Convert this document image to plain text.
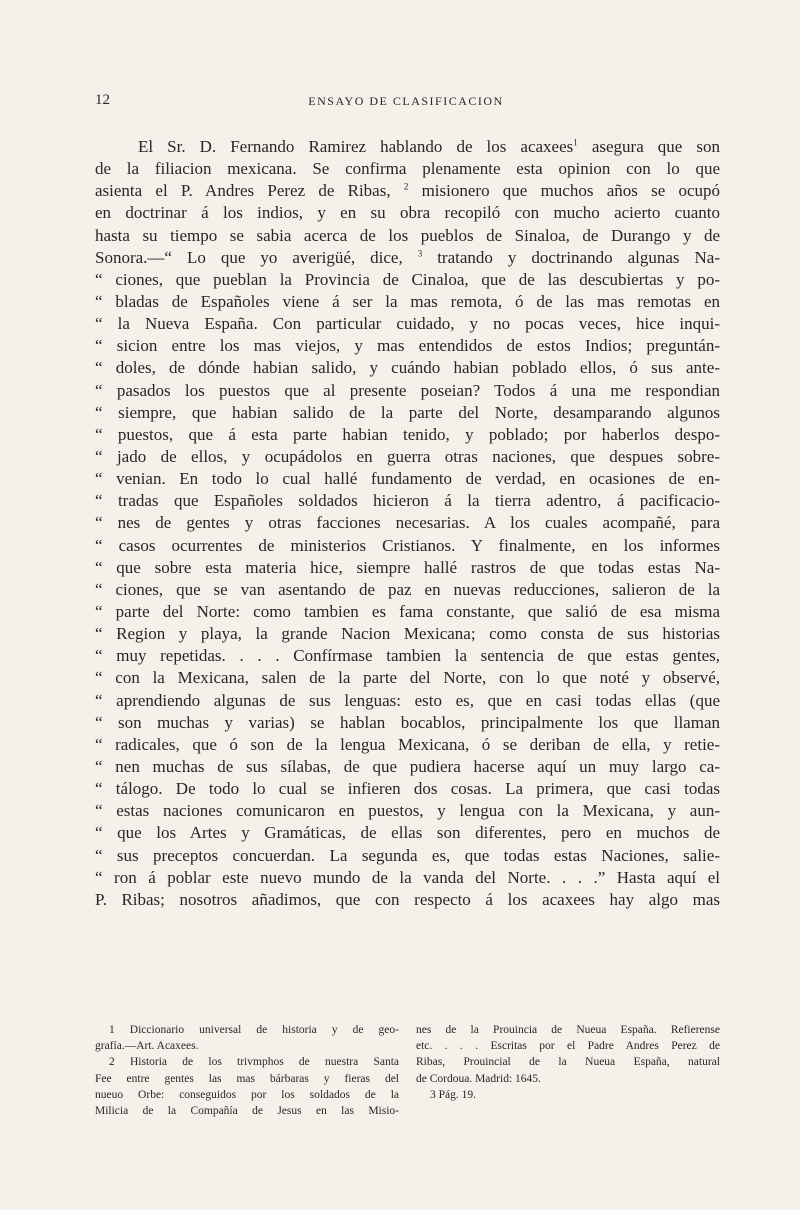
12	ENSAYO DE CLASIFICACION
El Sr. D. Fernando Ramirez hablando de los acaxees$^1$ asegura que son
de la filiacion mexicana. Se confirma plenamente esta opinion con lo que
asienta el P. Andres Perez de Ribas, $^2$ misionero que muchos años se ocupó
en doctrinar á los indios, y en su obra recopiló con mucho acierto cuanto
hasta su tiempo se sabia acerca de los pueblos de Sinaloa, de Durango y de
Sonora.—“ Lo que yo averigüé, dice, $^3$ tratando y doctrinando algunas Na-
“ ciones, que pueblan la Provincia de Cinaloa, que de las descubiertas y po-
“ bladas de Españoles viene á ser la mas remota, ó de las mas remotas en
“ la Nueva España. Con particular cuidado, y no pocas veces, hice inqui-
“ sicion entre los mas viejos, y mas entendidos de estos Indios; preguntán-
“ doles, de dónde habian salido, y cuándo habian poblado ellos, ó sus ante-
“ pasados los puestos que al presente poseian? Todos á una me respondian
“ siempre, que habian salido de la parte del Norte, desamparando algunos
“ puestos, que á esta parte habian tenido, y poblado; por haberlos despo-
“ jado de ellos, y ocupádolos en guerra otras naciones, que despues sobre-
“ venian. En todo lo cual hallé fundamento de verdad, en ocasiones de en-
“ tradas que Españoles soldados hicieron á la tierra adentro, á pacificacio-
“ nes de gentes y otras facciones necesarias. A los cuales acompañé, para
“ casos ocurrentes de ministerios Cristianos. Y finalmente, en los informes
“ que sobre esta materia hice, siempre hallé rastros de que todas estas Na-
“ ciones, que se van asentando de paz en nuevas reducciones, salieron de la
“ parte del Norte: como tambien es fama constante, que salió de esa misma
“ Region y playa, la grande Nacion Mexicana; como consta de sus historias
“ muy repetidas. . . . Confírmase tambien la sentencia de que estas gentes,
“ con la Mexicana, salen de la parte del Norte, con lo que noté y observé,
“ aprendiendo algunas de sus lenguas: esto es, que en casi todas ellas (que
“ son muchas y varias) se hablan bocablos, principalmente los que llaman
“ radicales, que ó son de la lengua Mexicana, ó se deriban de ella, y retie-
“ nen muchas de sus sílabas, de que pudiera hacerse aquí un muy largo ca-
“ tálogo. De todo lo cual se infieren dos cosas. La primera, que casi todas
“ estas naciones comunicaron en puestos, y lengua con la Mexicana, y aun-
“ que los Artes y Gramáticas, de ellas son diferentes, pero en muchos de
“ sus preceptos concuerdan. La segunda es, que todas estas Naciones, salie-
“ ron á poblar este nuevo mundo de la vanda del Norte. . . .” Hasta aquí el
P. Ribas; nosotros añadimos, que con respecto á los acaxees hay algo mas
1 Diccionario universal de historia y de geo-
grafía.—Art. Acaxees.
2 Historia de los trivmphos de nuestra Santa
Fee entre gentes las mas bárbaras y fieras del
nueuo Orbe: conseguidos por los soldados de la
Milicia de la Compañía de Jesus en las Misio-
nes de la Prouincia de Nueua España. Refierense
etc. . . . Escritas por el Padre Andres Perez de
Ribas, Prouincial de la Nueua España, natural
de Cordoua. Madrid: 1645.
3 Pág. 19.
